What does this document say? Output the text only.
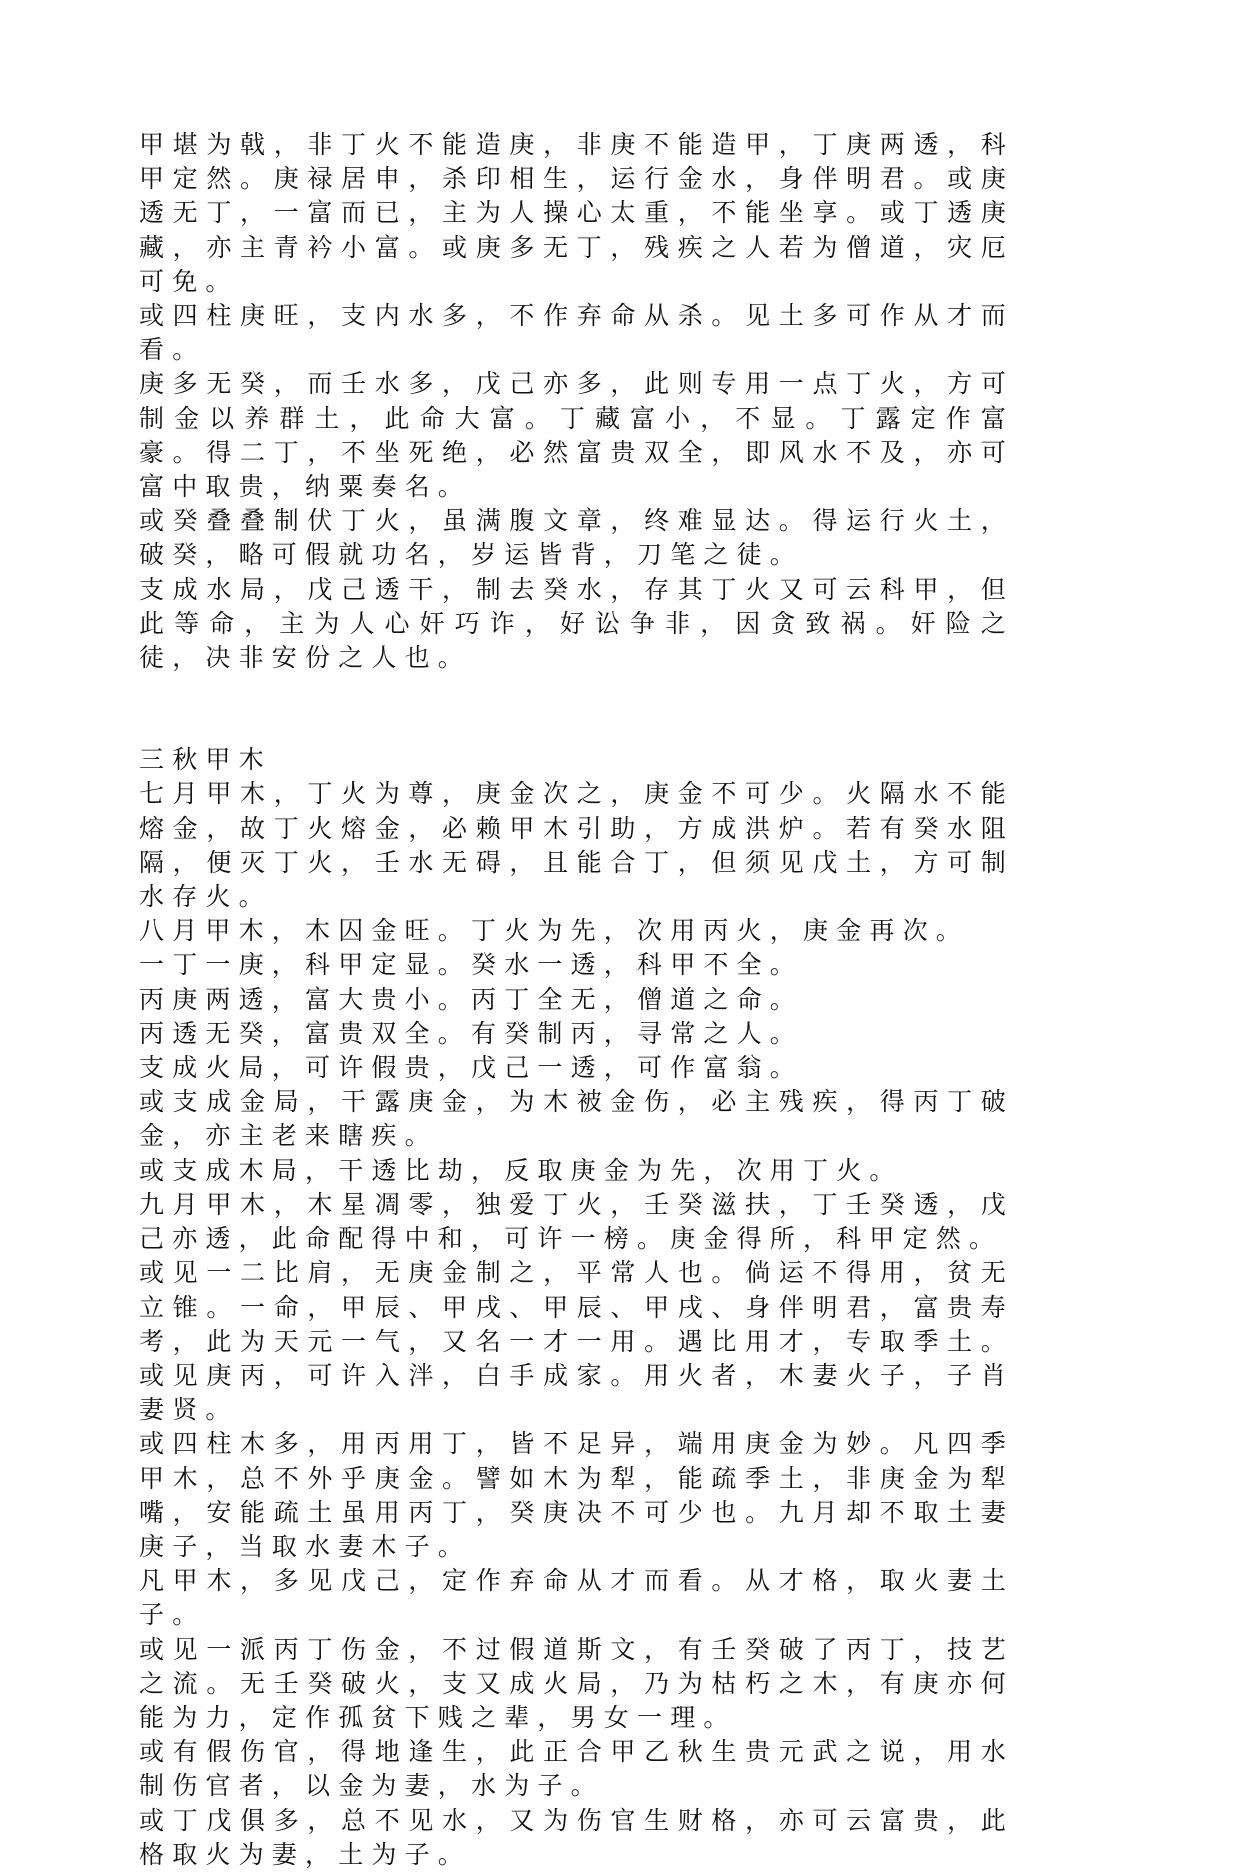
甲堪为戟，非丁火不能造庚，非庚不能造甲，丁庚两透，科甲定然。庚禄居申，杀印相生，运行金水，身伴明君。或庚透无丁，一富而已，主为人操心太重，不能坐享。或丁透庚藏，亦主青衿小富。或庚多无丁，残疾之人若为僧道，灾厄可免。

或四柱庚旺，支内水多，不作弃命从杀。见土多可作从才而看。

庚多无癸，而壬水多，戊己亦多，此则专用一点丁火，方可制金以养群土，此命大富。丁藏富小，不显。丁露定作富豪。得二丁，不坐死绝，必然富贵双全，即风水不及，亦可富中取贵，纳粟奏名。

或癸叠叠制伏丁火，虽满腹文章，终难显达。得运行火土，破癸，略可假就功名，岁运皆背，刀笔之徒。

支成水局，戊己透干，制去癸水，存其丁火又可云科甲，但此等命，主为人心奸巧诈，好讼争非，因贪致祸。奸险之徒，决非安份之人也。

三秋甲木

七月甲木，丁火为尊，庚金次之，庚金不可少。火隔水不能熔金，故丁火熔金，必赖甲木引助，方成洪炉。若有癸水阻隔，便灭丁火，壬水无碍，且能合丁，但须见戊土，方可制水存火。

八月甲木，木囚金旺。丁火为先，次用丙火，庚金再次。

一丁一庚，科甲定显。癸水一透，科甲不全。

丙庚两透，富大贵小。丙丁全无，僧道之命。

丙透无癸，富贵双全。有癸制丙，寻常之人。

支成火局，可许假贵，戊己一透，可作富翁。

或支成金局，干露庚金，为木被金伤，必主残疾，得丙丁破金，亦主老来瞎疾。

或支成木局，干透比劫，反取庚金为先，次用丁火。

九月甲木，木星凋零，独爱丁火，壬癸滋扶，丁壬癸透，戊己亦透，此命配得中和，可许一榜。庚金得所，科甲定然。

或见一二比肩，无庚金制之，平常人也。倘运不得用，贫无立锥。一命，甲辰、甲戌、甲辰、甲戌、身伴明君，富贵寿考，此为天元一气，又名一才一用。遇比用才，专取季土。或见庚丙，可许入泮，白手成家。用火者，木妻火子，子肖妻贤。

或四柱木多，用丙用丁，皆不足异，端用庚金为妙。凡四季甲木，总不外乎庚金。譬如木为犁，能疏季土，非庚金为犁嘴，安能疏土虽用丙丁，癸庚决不可少也。九月却不取土妻庚子，当取水妻木子。

凡甲木，多见戊己，定作弃命从才而看。从才格，取火妻土子。

或见一派丙丁伤金，不过假道斯文，有壬癸破了丙丁，技艺之流。无壬癸破火，支又成火局，乃为枯朽之木，有庚亦何能为力，定作孤贫下贱之辈，男女一理。

或有假伤官，得地逢生，此正合甲乙秋生贵元武之说，用水制伤官者，以金为妻，水为子。

或丁戊俱多，总不见水，又为伤官生财格，亦可云富贵，此格取火为妻，土为子。
